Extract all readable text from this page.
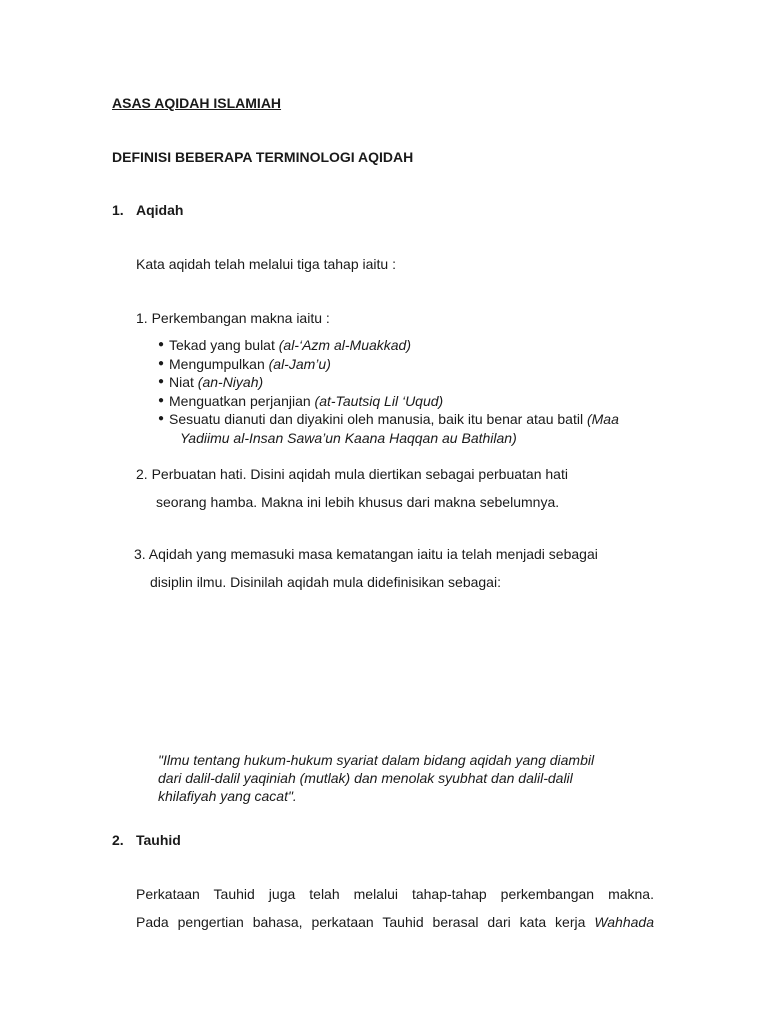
ASAS AQIDAH ISLAMIAH
DEFINISI BEBERAPA TERMINOLOGI AQIDAH
1. Aqidah
Kata aqidah telah melalui tiga tahap iaitu :
1. Perkembangan makna iaitu :
● Tekad yang bulat (al-‘Azm al-Muakkad)
● Mengumpulkan (al-Jam’u)
● Niat (an-Niyah)
● Menguatkan perjanjian (at-Tautsiq Lil ‘Uqud)
● Sesuatu dianuti dan diyakini oleh manusia, baik itu benar atau batil (Maa
Yadiimu al-Insan Sawa’un Kaana Haqqan au Bathilan)
2. Perbuatan hati. Disini aqidah mula diertikan sebagai perbuatan hati
seorang hamba. Makna ini lebih khusus dari makna sebelumnya.
3. Aqidah yang memasuki masa kematangan iaitu ia telah menjadi sebagai
disiplin ilmu. Disinilah aqidah mula didefinisikan sebagai:
"Ilmu tentang hukum-hukum syariat dalam bidang aqidah yang diambil
dari dalil-dalil yaqiniah (mutlak) dan menolak syubhat dan dalil-dalil
khilafiyah yang cacat".
2. Tauhid
Perkataan Tauhid juga telah melalui tahap-tahap perkembangan makna.
Pada pengertian bahasa, perkataan Tauhid berasal dari kata kerja Wahhada
